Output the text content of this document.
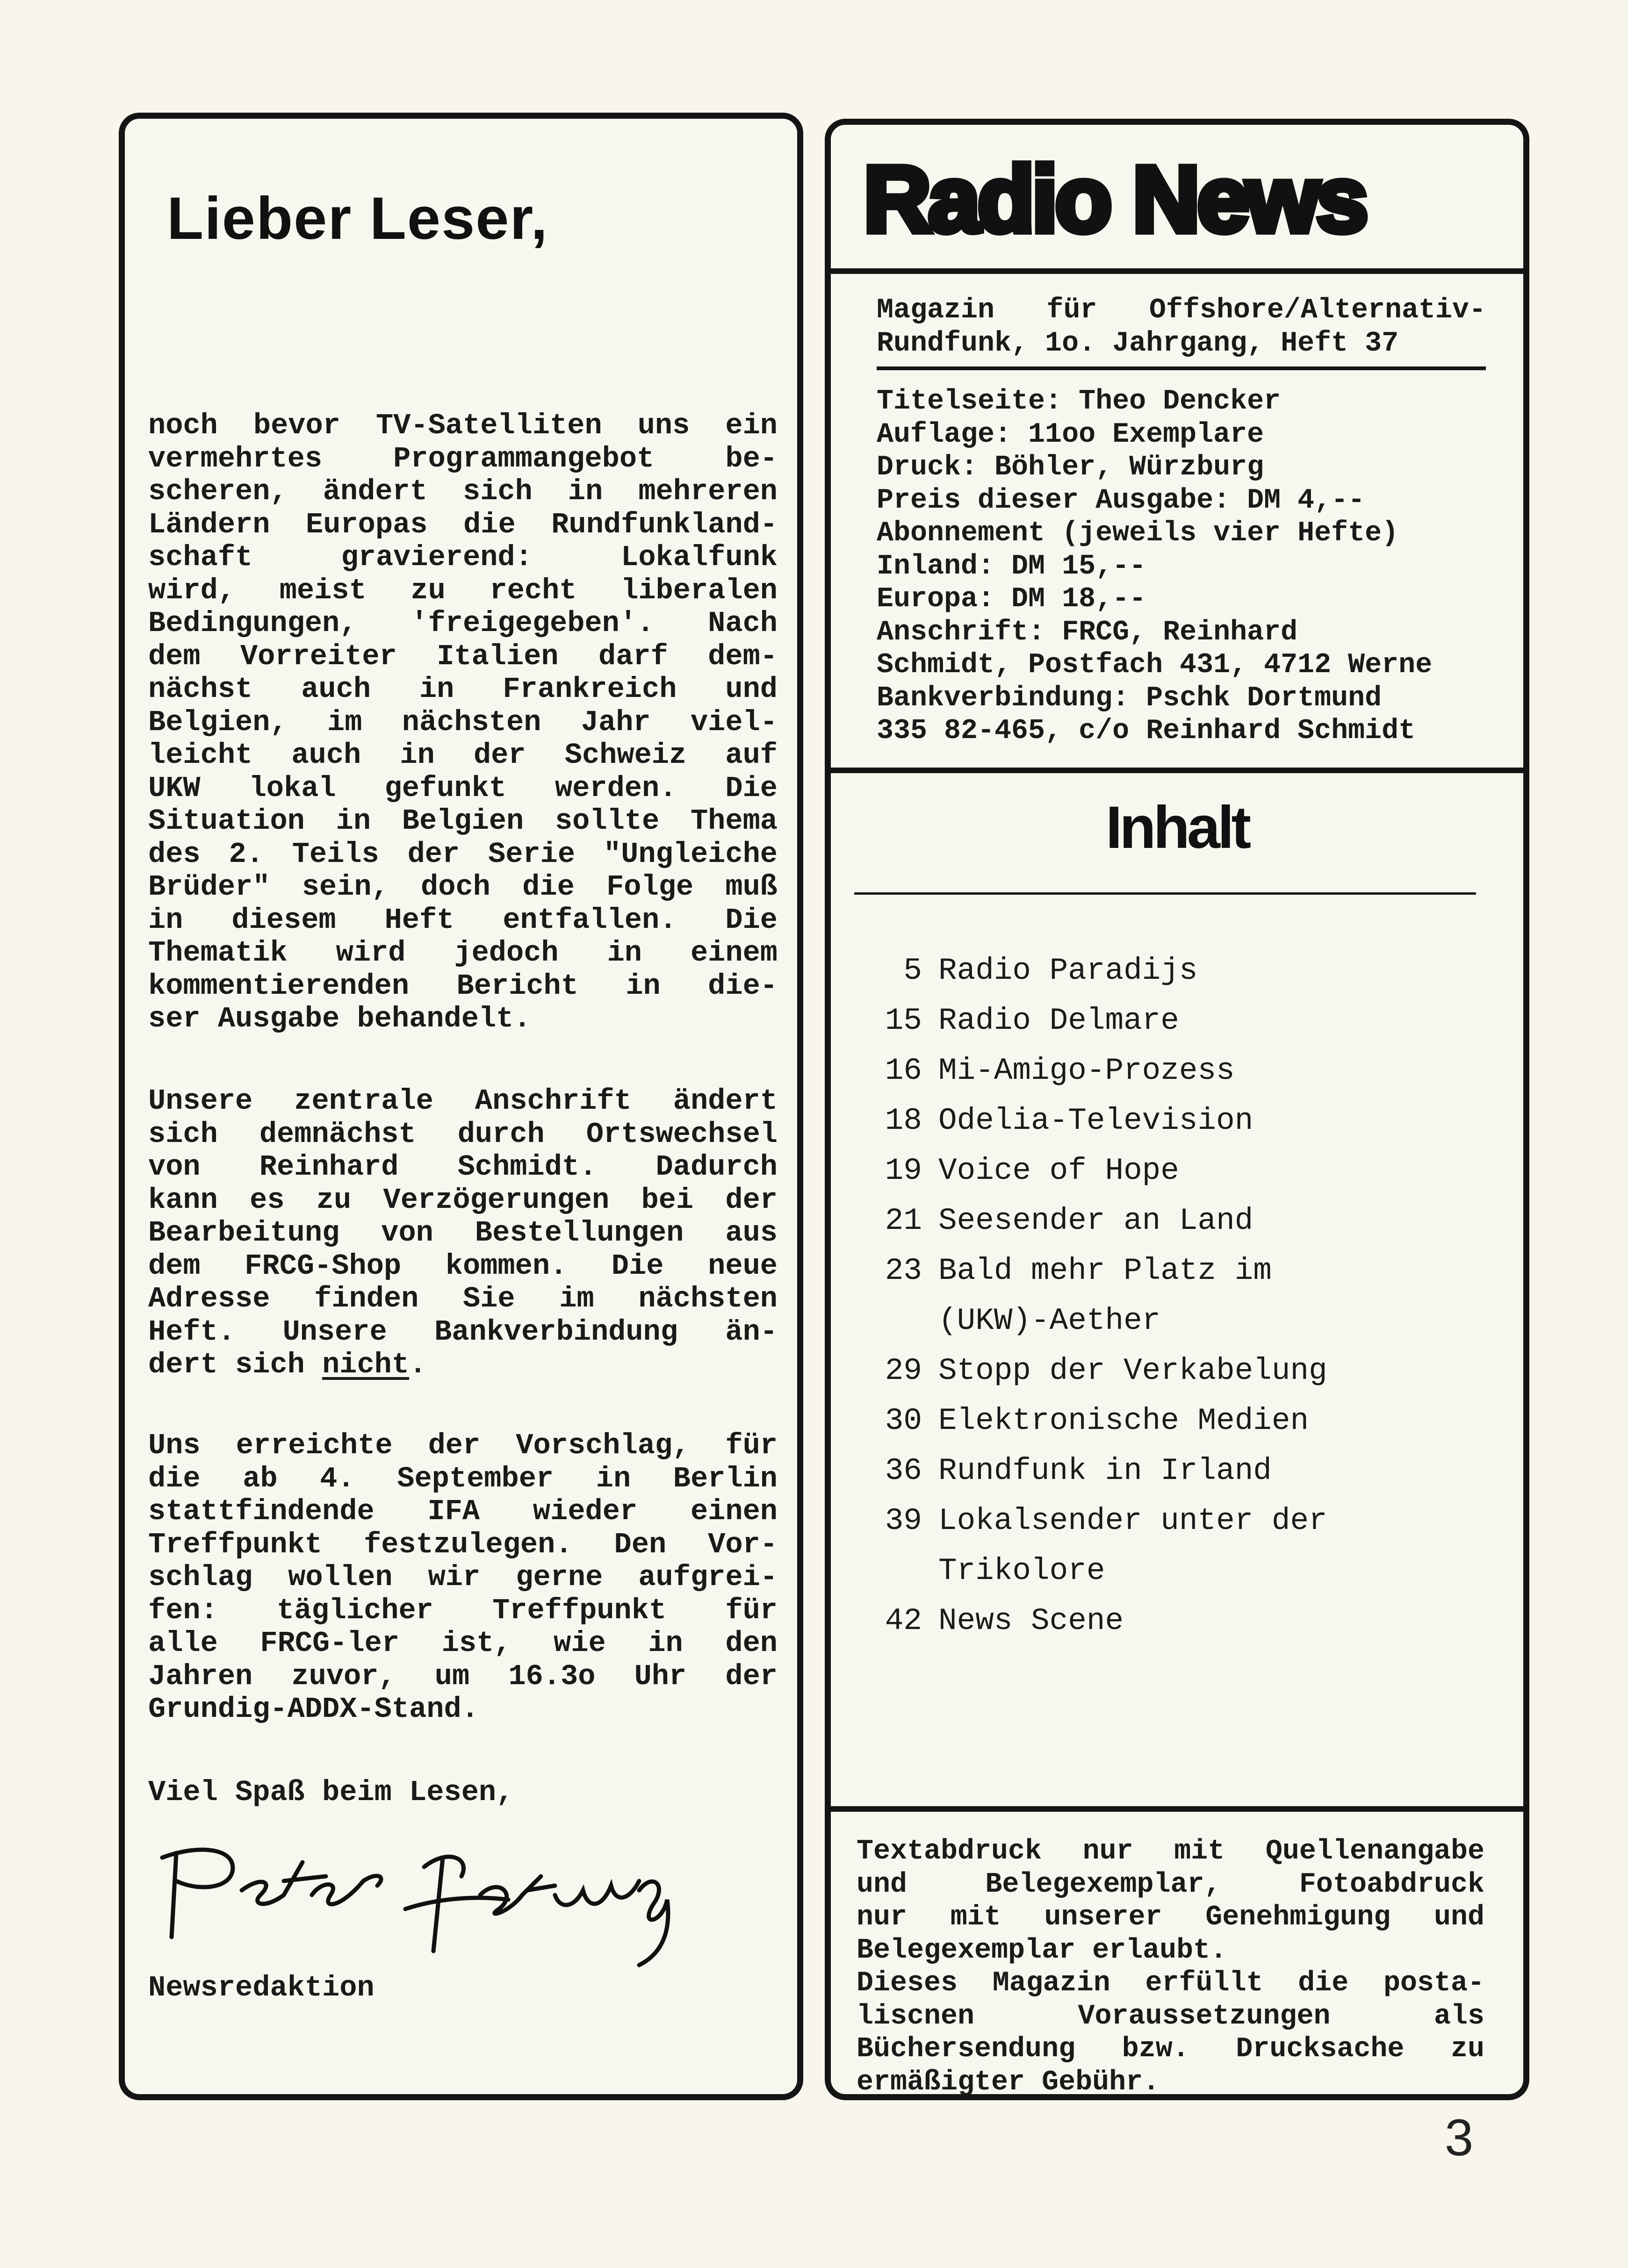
Lieber Leser,
noch bevor TV-Satelliten uns ein
vermehrtes Programmangebot be-
scheren, ändert sich in mehreren
Ländern Europas die Rundfunkland-
schaft gravierend: Lokalfunk
wird, meist zu recht liberalen
Bedingungen, 'freigegeben'. Nach
dem Vorreiter Italien darf dem-
nächst auch in Frankreich und
Belgien, im nächsten Jahr viel-
leicht auch in der Schweiz auf
UKW lokal gefunkt werden. Die
Situation in Belgien sollte Thema
des 2. Teils der Serie "Ungleiche
Brüder" sein, doch die Folge muß
in diesem Heft entfallen. Die
Thematik wird jedoch in einem
kommentierenden Bericht in die-
ser Ausgabe behandelt.
Unsere zentrale Anschrift ändert
sich demnächst durch Ortswechsel
von Reinhard Schmidt. Dadurch
kann es zu Verzögerungen bei der
Bearbeitung von Bestellungen aus
dem FRCG-Shop kommen. Die neue
Adresse finden Sie im nächsten
Heft. Unsere Bankverbindung än-
dert sich nicht.
Uns erreichte der Vorschlag, für
die ab 4. September in Berlin
stattfindende IFA wieder einen
Treffpunkt festzulegen. Den Vor-
schlag wollen wir gerne aufgrei-
fen: täglicher Treffpunkt für
alle FRCG-ler ist, wie in den
Jahren zuvor, um 16.3o Uhr der
Grundig-ADDX-Stand.
Viel Spaß beim Lesen,
Newsredaktion
Radio News
Magazin für Offshore/Alternativ-
Rundfunk, 1o. Jahrgang, Heft 37
Titelseite: Theo Dencker
Auflage: 11oo Exemplare
Druck: Böhler, Würzburg
Preis dieser Ausgabe: DM 4,--
Abonnement (jeweils vier Hefte)
Inland: DM 15,--
Europa: DM 18,--
Anschrift: FRCG, Reinhard
Schmidt, Postfach 431, 4712 Werne
Bankverbindung: Pschk Dortmund
335 82-465, c/o Reinhard Schmidt
Inhalt
5 Radio Paradijs
15 Radio Delmare
16 Mi-Amigo-Prozess
18 Odelia-Television
19 Voice of Hope
21 Seesender an Land
23 Bald mehr Platz im
(UKW)-Aether
29 Stopp der Verkabelung
30 Elektronische Medien
36 Rundfunk in Irland
39 Lokalsender unter der
Trikolore
42 News Scene
Textabdruck nur mit Quellenangabe
und Belegexemplar, Fotoabdruck
nur mit unserer Genehmigung und
Belegexemplar erlaubt.
Dieses Magazin erfüllt die posta-
liscnen Voraussetzungen als
Büchersendung bzw. Drucksache zu
ermäßigter Gebühr.
3
